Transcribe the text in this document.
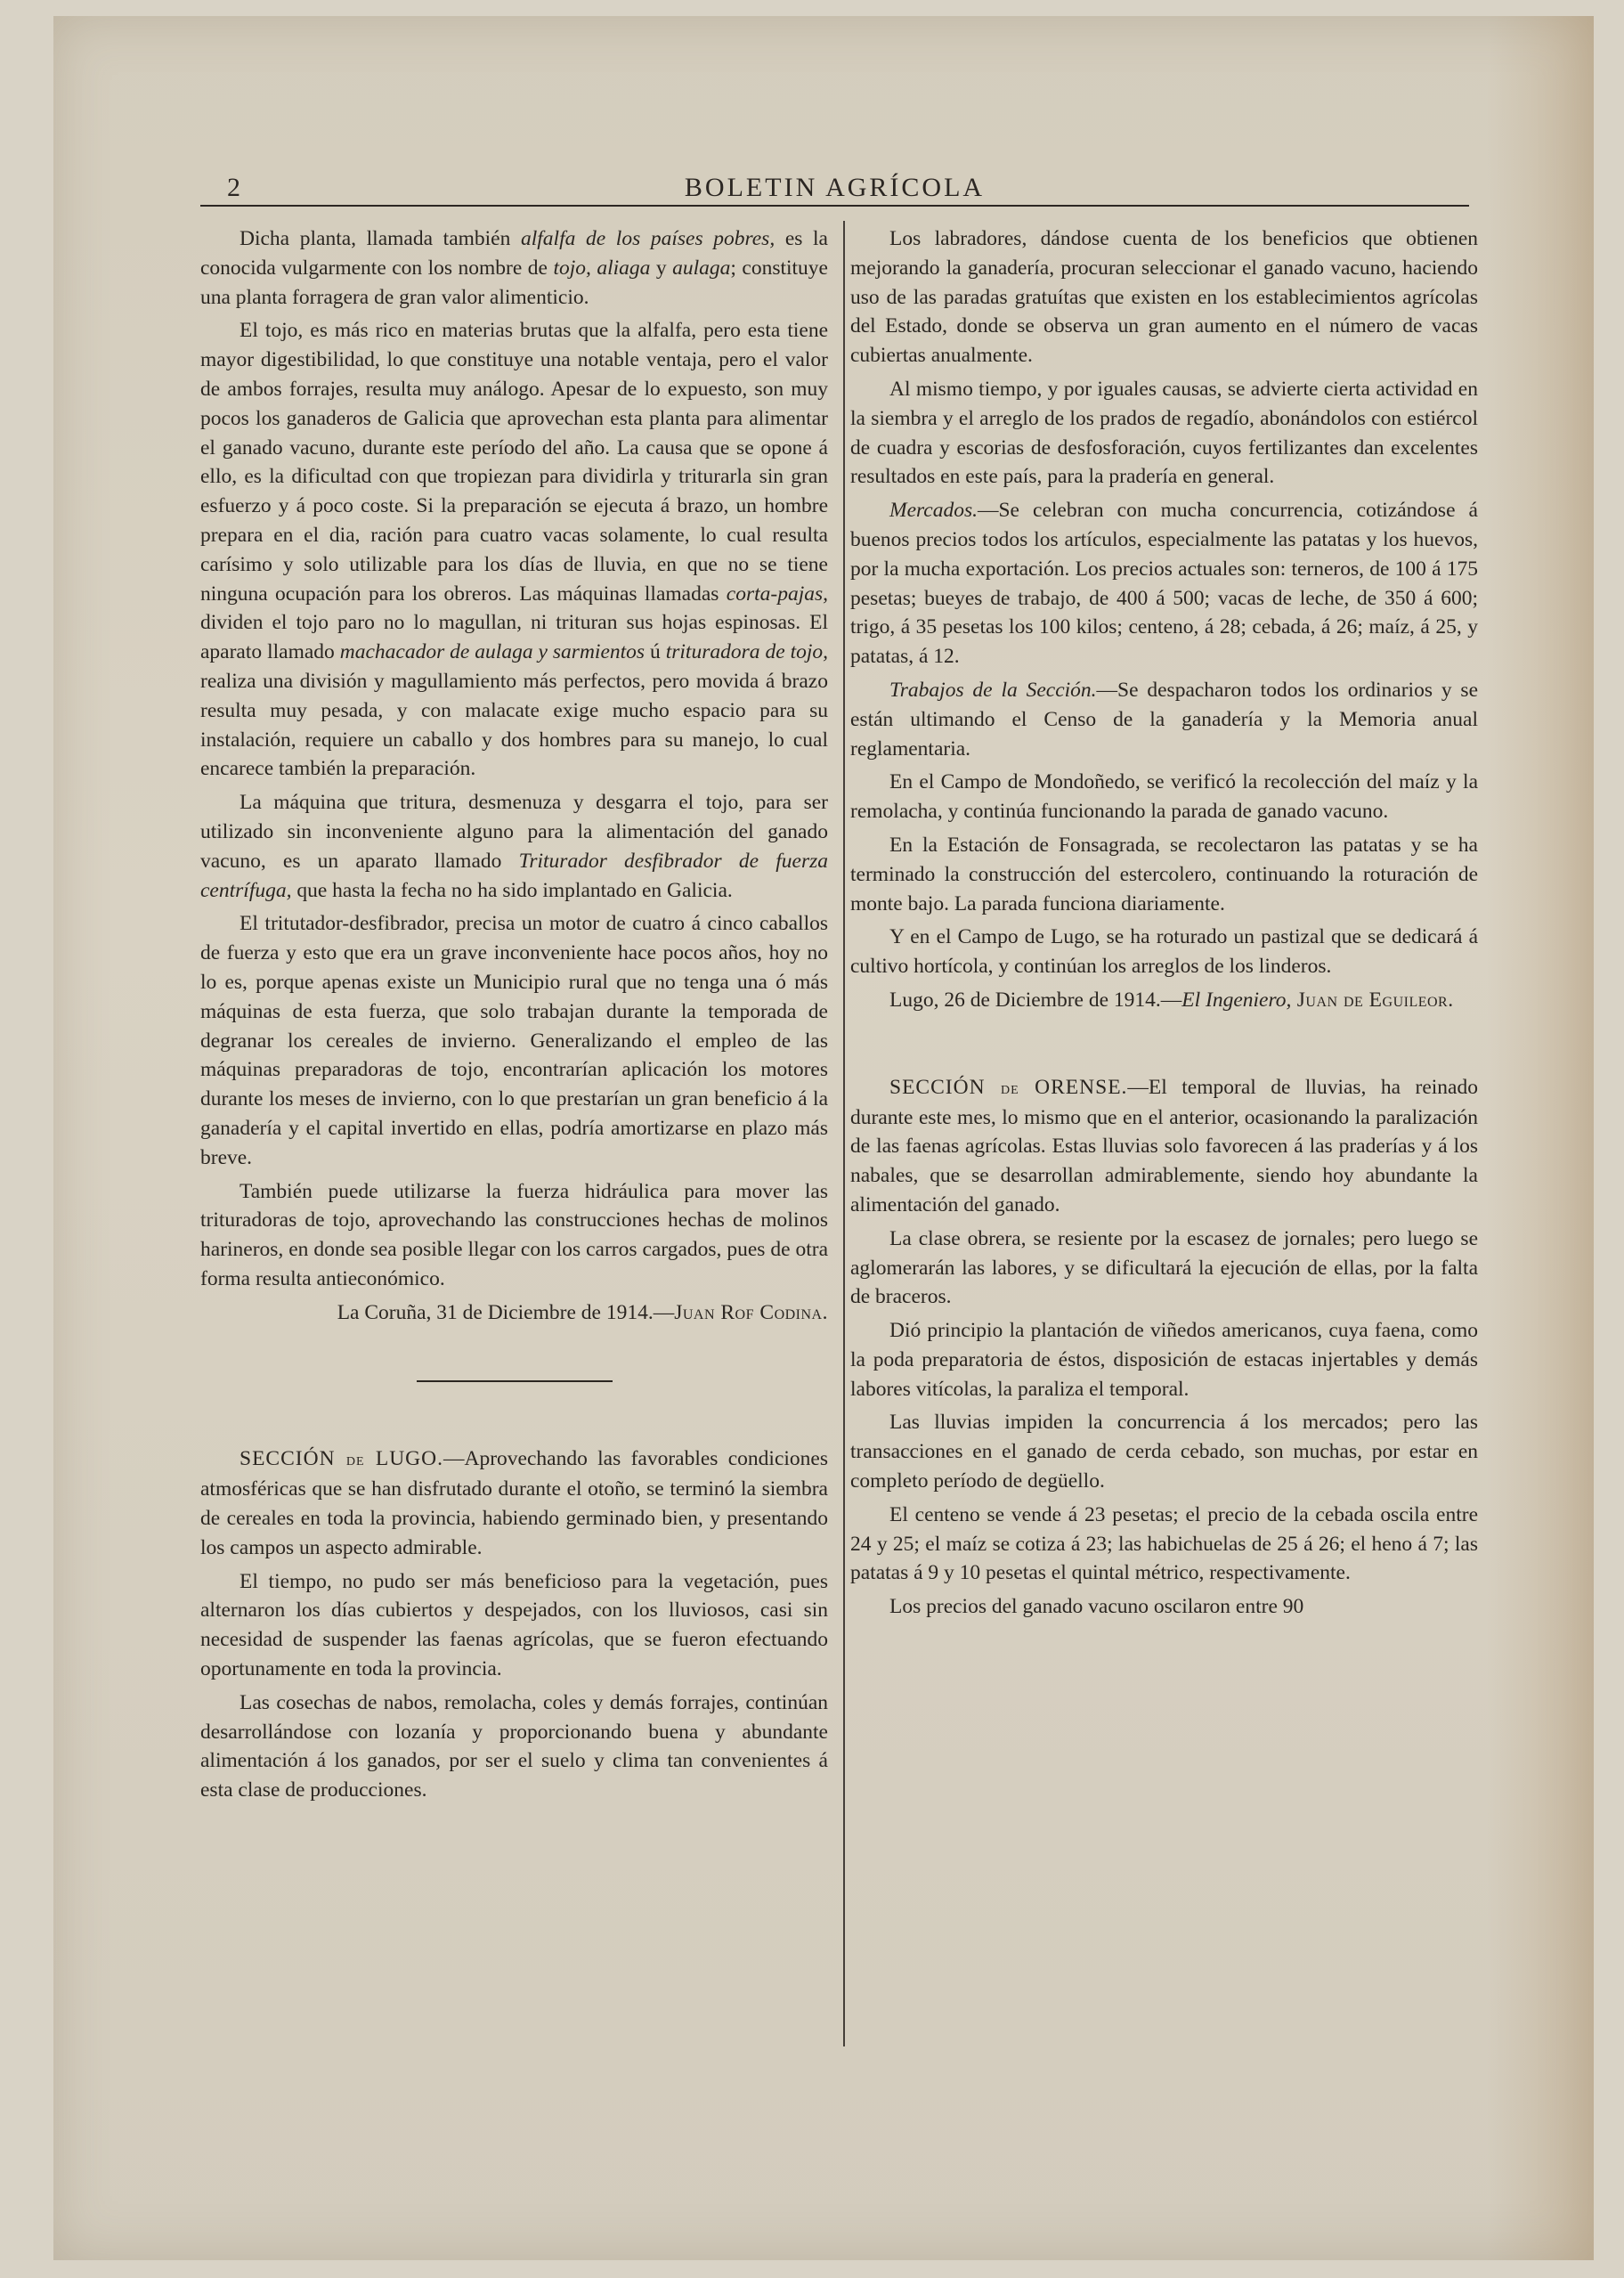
2	BOLETIN AGRÍCOLA

Dicha planta, llamada también alfalfa de los países pobres, es la conocida vulgarmente con los nombre de tojo, aliaga y aulaga; constituye una planta forragera de gran valor alimenticio.

El tojo, es más rico en materias brutas que la alfalfa, pero esta tiene mayor digestibilidad, lo que constituye una notable ventaja, pero el valor de ambos forrajes, resulta muy análogo. Apesar de lo expuesto, son muy pocos los ganaderos de Galicia que aprovechan esta planta para alimentar el ganado vacuno, durante este período del año. La causa que se opone á ello, es la dificultad con que tropiezan para dividirla y triturarla sin gran esfuerzo y á poco coste. Si la preparación se ejecuta á brazo, un hombre prepara en el dia, ración para cuatro vacas solamente, lo cual resulta carísimo y solo utilizable para los días de lluvia, en que no se tiene ninguna ocupación para los obreros. Las máquinas llamadas corta-pajas, dividen el tojo paro no lo magullan, ni trituran sus hojas espinosas. El aparato llamado machacador de aulaga y sarmientos ú trituradora de tojo, realiza una división y magullamiento más perfectos, pero movida á brazo resulta muy pesada, y con malacate exige mucho espacio para su instalación, requiere un caballo y dos hombres para su manejo, lo cual encarece también la preparación.

La máquina que tritura, desmenuza y desgarra el tojo, para ser utilizado sin inconveniente alguno para la alimentación del ganado vacuno, es un aparato llamado Triturador desfibrador de fuerza centrífuga, que hasta la fecha no ha sido implantado en Galicia.

El tritutador-desfibrador, precisa un motor de cuatro á cinco caballos de fuerza y esto que era un grave inconveniente hace pocos años, hoy no lo es, porque apenas existe un Municipio rural que no tenga una ó más máquinas de esta fuerza, que solo trabajan durante la temporada de degranar los cereales de invierno. Generalizando el empleo de las máquinas preparadoras de tojo, encontrarían aplicación los motores durante los meses de invierno, con lo que prestarían un gran beneficio á la ganadería y el capital invertido en ellas, podría amortizarse en plazo más breve.

También puede utilizarse la fuerza hidráulica para mover las trituradoras de tojo, aprovechando las construcciones hechas de molinos harineros, en donde sea posible llegar con los carros cargados, pues de otra forma resulta antieconómico.

La Coruña, 31 de Diciembre de 1914.—Juan Rof Codina.

SECCIÓN de LUGO.—Aprovechando las favorables condiciones atmosféricas que se han disfrutado durante el otoño, se terminó la siembra de cereales en toda la provincia, habiendo germinado bien, y presentando los campos un aspecto admirable.

El tiempo, no pudo ser más beneficioso para la vegetación, pues alternaron los días cubiertos y despejados, con los lluviosos, casi sin necesidad de suspender las faenas agrícolas, que se fueron efectuando oportunamente en toda la provincia.

Las cosechas de nabos, remolacha, coles y demás forrajes, continúan desarrollándose con lozanía y proporcionando buena y abundante alimentación á los ganados, por ser el suelo y clima tan convenientes á esta clase de producciones.

Los labradores, dándose cuenta de los beneficios que obtienen mejorando la ganadería, procuran seleccionar el ganado vacuno, haciendo uso de las paradas gratuítas que existen en los establecimientos agrícolas del Estado, donde se observa un gran aumento en el número de vacas cubiertas anualmente.

Al mismo tiempo, y por iguales causas, se advierte cierta actividad en la siembra y el arreglo de los prados de regadío, abonándolos con estiércol de cuadra y escorias de desfosforación, cuyos fertilizantes dan excelentes resultados en este país, para la pradería en general.

Mercados.—Se celebran con mucha concurrencia, cotizándose á buenos precios todos los artículos, especialmente las patatas y los huevos, por la mucha exportación. Los precios actuales son: terneros, de 100 á 175 pesetas; bueyes de trabajo, de 400 á 500; vacas de leche, de 350 á 600; trigo, á 35 pesetas los 100 kilos; centeno, á 28; cebada, á 26; maíz, á 25, y patatas, á 12.

Trabajos de la Sección.—Se despacharon todos los ordinarios y se están ultimando el Censo de la ganadería y la Memoria anual reglamentaria.

En el Campo de Mondoñedo, se verificó la recolección del maíz y la remolacha, y continúa funcionando la parada de ganado vacuno.

En la Estación de Fonsagrada, se recolectaron las patatas y se ha terminado la construcción del estercolero, continuando la roturación de monte bajo. La parada funciona diariamente.

Y en el Campo de Lugo, se ha roturado un pastizal que se dedicará á cultivo hortícola, y continúan los arreglos de los linderos.

Lugo, 26 de Diciembre de 1914.—El Ingeniero, Juan de Eguileor.

SECCIÓN de ORENSE.—El temporal de lluvias, ha reinado durante este mes, lo mismo que en el anterior, ocasionando la paralización de las faenas agrícolas. Estas lluvias solo favorecen á las praderías y á los nabales, que se desarrollan admirablemente, siendo hoy abundante la alimentación del ganado.

La clase obrera, se resiente por la escasez de jornales; pero luego se aglomerarán las labores, y se dificultará la ejecución de ellas, por la falta de braceros.

Dió principio la plantación de viñedos americanos, cuya faena, como la poda preparatoria de éstos, disposición de estacas injertables y demás labores vitícolas, la paraliza el temporal.

Las lluvias impiden la concurrencia á los mercados; pero las transacciones en el ganado de cerda cebado, son muchas, por estar en completo período de degüello.

El centeno se vende á 23 pesetas; el precio de la cebada oscila entre 24 y 25; el maíz se cotiza á 23; las habichuelas de 25 á 26; el heno á 7; las patatas á 9 y 10 pesetas el quintal métrico, respectivamente.

Los precios del ganado vacuno oscilaron entre 90
